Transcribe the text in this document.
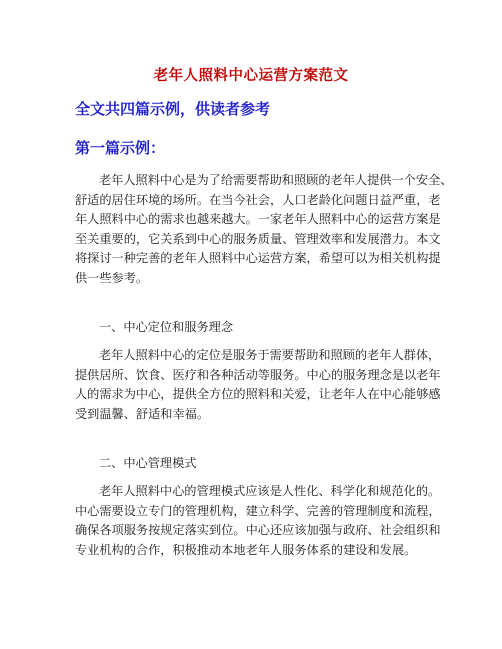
老年人照料中心运营方案范文
全文共四篇示例，供读者参考
第一篇示例：
老年人照料中心是为了给需要帮助和照顾的老年人提供一个安全、
舒适的居住环境的场所。在当今社会，人口老龄化问题日益严重，老
年人照料中心的需求也越来越大。一家老年人照料中心的运营方案是
至关重要的，它关系到中心的服务质量、管理效率和发展潜力。本文
将探讨一种完善的老年人照料中心运营方案，希望可以为相关机构提
供一些参考。
一、中心定位和服务理念
老年人照料中心的定位是服务于需要帮助和照顾的老年人群体，
提供居所、饮食、医疗和各种活动等服务。中心的服务理念是以老年
人的需求为中心，提供全方位的照料和关爱，让老年人在中心能够感
受到温馨、舒适和幸福。
二、中心管理模式
老年人照料中心的管理模式应该是人性化、科学化和规范化的。
中心需要设立专门的管理机构，建立科学、完善的管理制度和流程，
确保各项服务按规定落实到位。中心还应该加强与政府、社会组织和
专业机构的合作，积极推动本地老年人服务体系的建设和发展。
